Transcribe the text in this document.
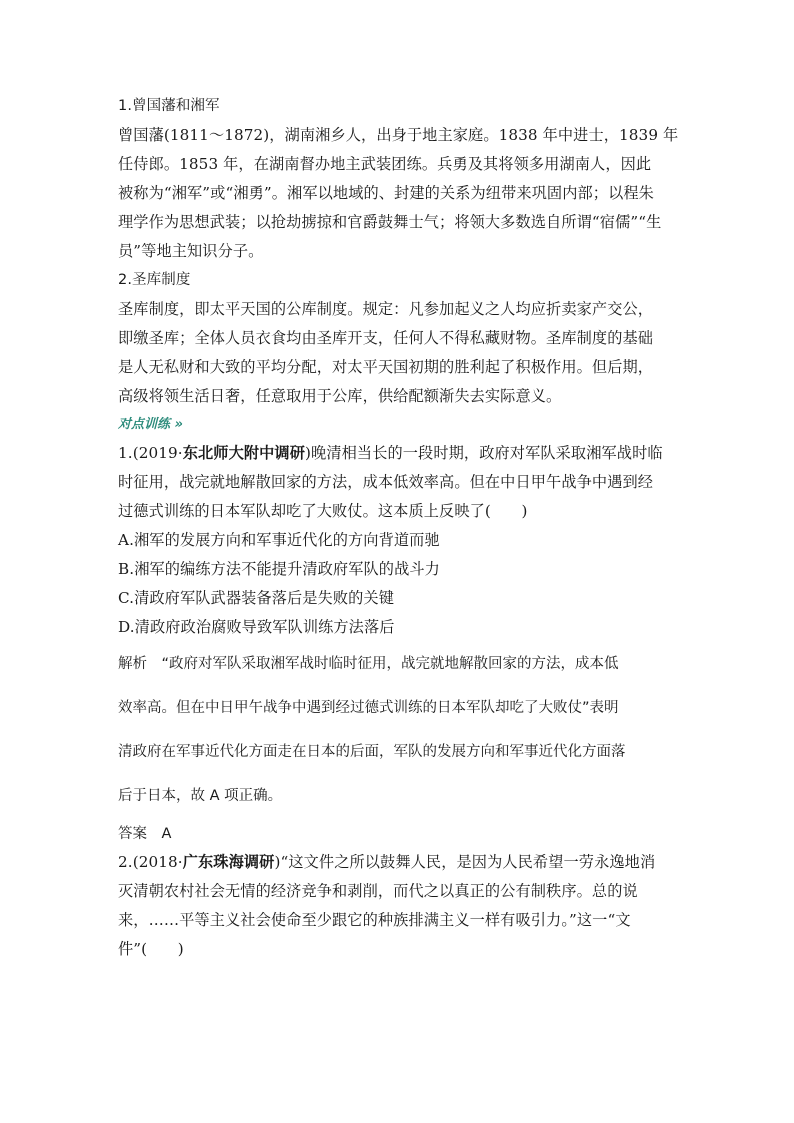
1.曾国藩和湘军
曾国藩(1811～1872)，湖南湘乡人，出身于地主家庭。1838 年中进士，1839 年
任侍郎。1853 年，在湖南督办地主武装团练。兵勇及其将领多用湖南人，因此
被称为“湘军”或“湘勇”。湘军以地域的、封建的关系为纽带来巩固内部；以程朱
理学作为思想武装；以抢劫掳掠和官爵鼓舞士气；将领大多数选自所谓“宿儒”“生
员”等地主知识分子。
2.圣库制度
圣库制度，即太平天国的公库制度。规定：凡参加起义之人均应折卖家产交公，
即缴圣库；全体人员衣食均由圣库开支，任何人不得私藏财物。圣库制度的基础
是人无私财和大致的平均分配，对太平天国初期的胜利起了积极作用。但后期，
高级将领生活日奢，任意取用于公库，供给配额渐失去实际意义。
对点训练 »
1.(2019·东北师大附中调研)晚清相当长的一段时期，政府对军队采取湘军战时临
时征用，战完就地解散回家的方法，成本低效率高。但在中日甲午战争中遇到经
过德式训练的日本军队却吃了大败仗。这本质上反映了(　　)
A.湘军的发展方向和军事近代化的方向背道而驰
B.湘军的编练方法不能提升清政府军队的战斗力
C.清政府军队武器装备落后是失败的关键
D.清政府政治腐败导致军队训练方法落后
解析　“政府对军队采取湘军战时临时征用，战完就地解散回家的方法，成本低
效率高。但在中日甲午战争中遇到经过德式训练的日本军队却吃了大败仗”表明
清政府在军事近代化方面走在日本的后面，军队的发展方向和军事近代化方面落
后于日本，故 A 项正确。
答案　A
2.(2018·广东珠海调研)“这文件之所以鼓舞人民，是因为人民希望一劳永逸地消
灭清朝农村社会无情的经济竞争和剥削，而代之以真正的公有制秩序。总的说
来，……平等主义社会使命至少跟它的种族排满主义一样有吸引力。”这一“文
件”(　　)
